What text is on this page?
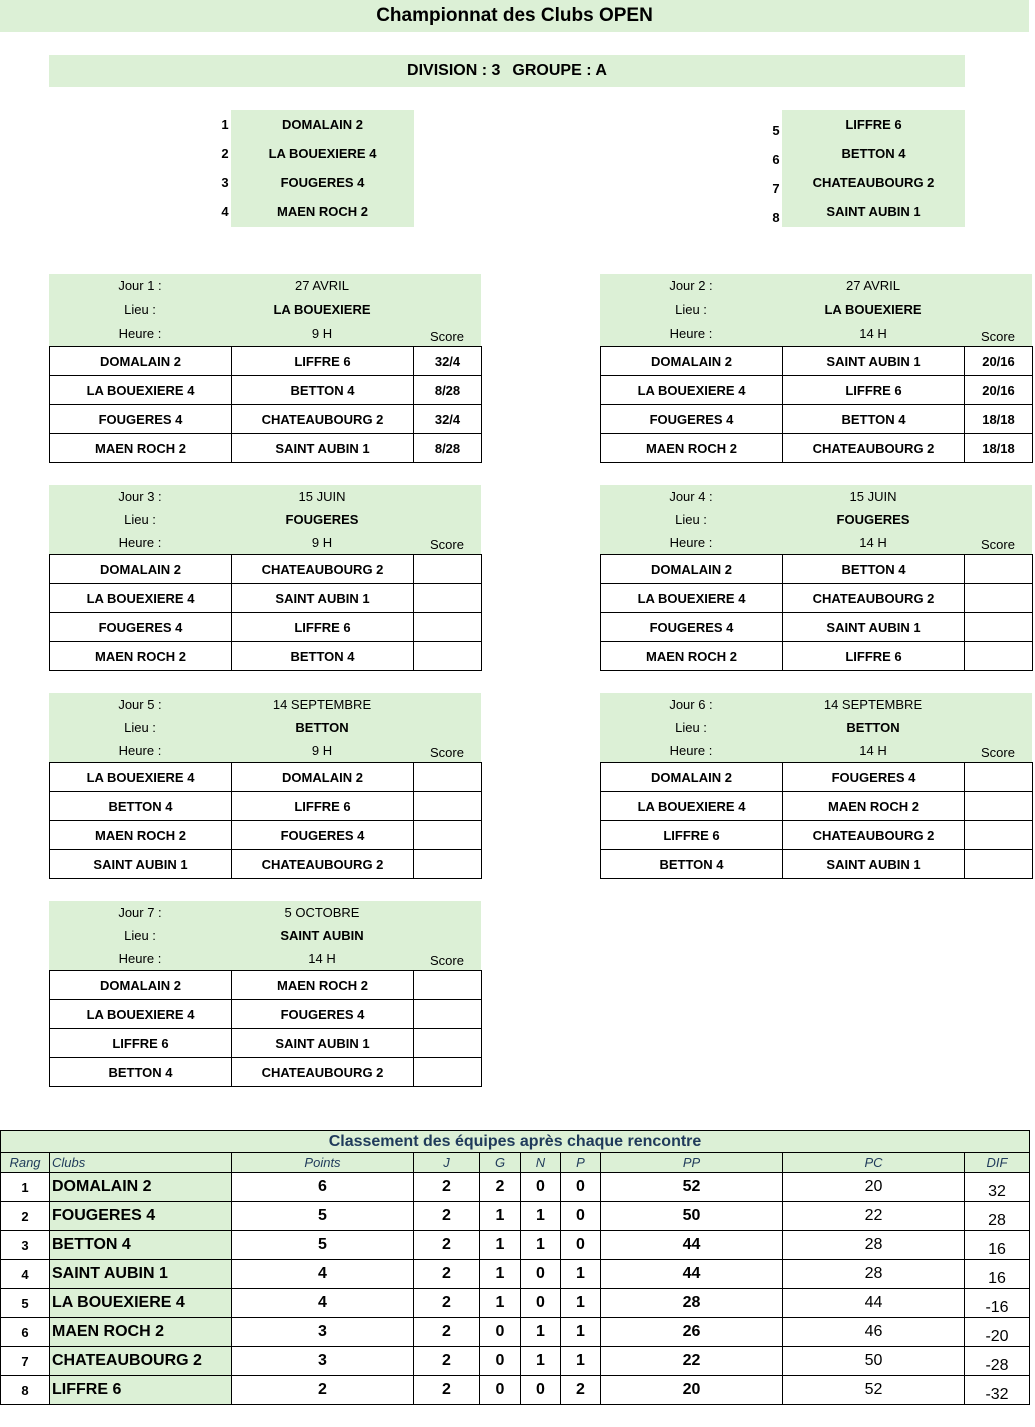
Championnat des Clubs OPEN
DIVISION : 3 GROUPE : A
1	DOMALAIN 2
2	LA BOUEXIERE 4
3	FOUGERES 4
4	MAEN ROCH 2
5	LIFFRE 6
6	BETTON 4
7	CHATEAUBOURG 2
8	SAINT AUBIN 1
Jour 1 :	27 AVRIL
Lieu :	LA BOUEXIERE
Heure :	9 H	Score
DOMALAIN 2	LIFFRE 6	32/4
LA BOUEXIERE 4	BETTON 4	8/28
FOUGERES 4	CHATEAUBOURG 2	32/4
MAEN ROCH 2	SAINT AUBIN 1	8/28
Jour 2 :	27 AVRIL
Lieu :	LA BOUEXIERE
Heure :	14 H	Score
DOMALAIN 2	SAINT AUBIN 1	20/16
LA BOUEXIERE 4	LIFFRE 6	20/16
FOUGERES 4	BETTON 4	18/18
MAEN ROCH 2	CHATEAUBOURG 2	18/18
Jour 3 :	15 JUIN
Lieu :	FOUGERES
Heure :	9 H	Score
DOMALAIN 2	CHATEAUBOURG 2	
LA BOUEXIERE 4	SAINT AUBIN 1	
FOUGERES 4	LIFFRE 6	
MAEN ROCH 2	BETTON 4	
Jour 4 :	15 JUIN
Lieu :	FOUGERES
Heure :	14 H	Score
DOMALAIN 2	BETTON 4	
LA BOUEXIERE 4	CHATEAUBOURG 2	
FOUGERES 4	SAINT AUBIN 1	
MAEN ROCH 2	LIFFRE 6	
Jour 5 :	14 SEPTEMBRE
Lieu :	BETTON
Heure :	9 H	Score
LA BOUEXIERE 4	DOMALAIN 2	
BETTON 4	LIFFRE 6	
MAEN ROCH 2	FOUGERES 4	
SAINT AUBIN 1	CHATEAUBOURG 2	
Jour 6 :	14 SEPTEMBRE
Lieu :	BETTON
Heure :	14 H	Score
DOMALAIN 2	FOUGERES 4	
LA BOUEXIERE 4	MAEN ROCH 2	
LIFFRE 6	CHATEAUBOURG 2	
BETTON 4	SAINT AUBIN 1	
Jour 7 :	5 OCTOBRE
Lieu :	SAINT AUBIN
Heure :	14 H	Score
DOMALAIN 2	MAEN ROCH 2	
LA BOUEXIERE 4	FOUGERES 4	
LIFFRE 6	SAINT AUBIN 1	
BETTON 4	CHATEAUBOURG 2	
Classement des équipes après chaque rencontre									
Rang	Clubs	Points	J	G	N	P	PP	PC	DIF
1	DOMALAIN 2	6	2	2	0	0	52	20	32
2	FOUGERES 4	5	2	1	1	0	50	22	28
3	BETTON 4	5	2	1	1	0	44	28	16
4	SAINT AUBIN 1	4	2	1	0	1	44	28	16
5	LA BOUEXIERE 4	4	2	1	0	1	28	44	-16
6	MAEN ROCH 2	3	2	0	1	1	26	46	-20
7	CHATEAUBOURG 2	3	2	0	1	1	22	50	-28
8	LIFFRE 6	2	2	0	0	2	20	52	-32
